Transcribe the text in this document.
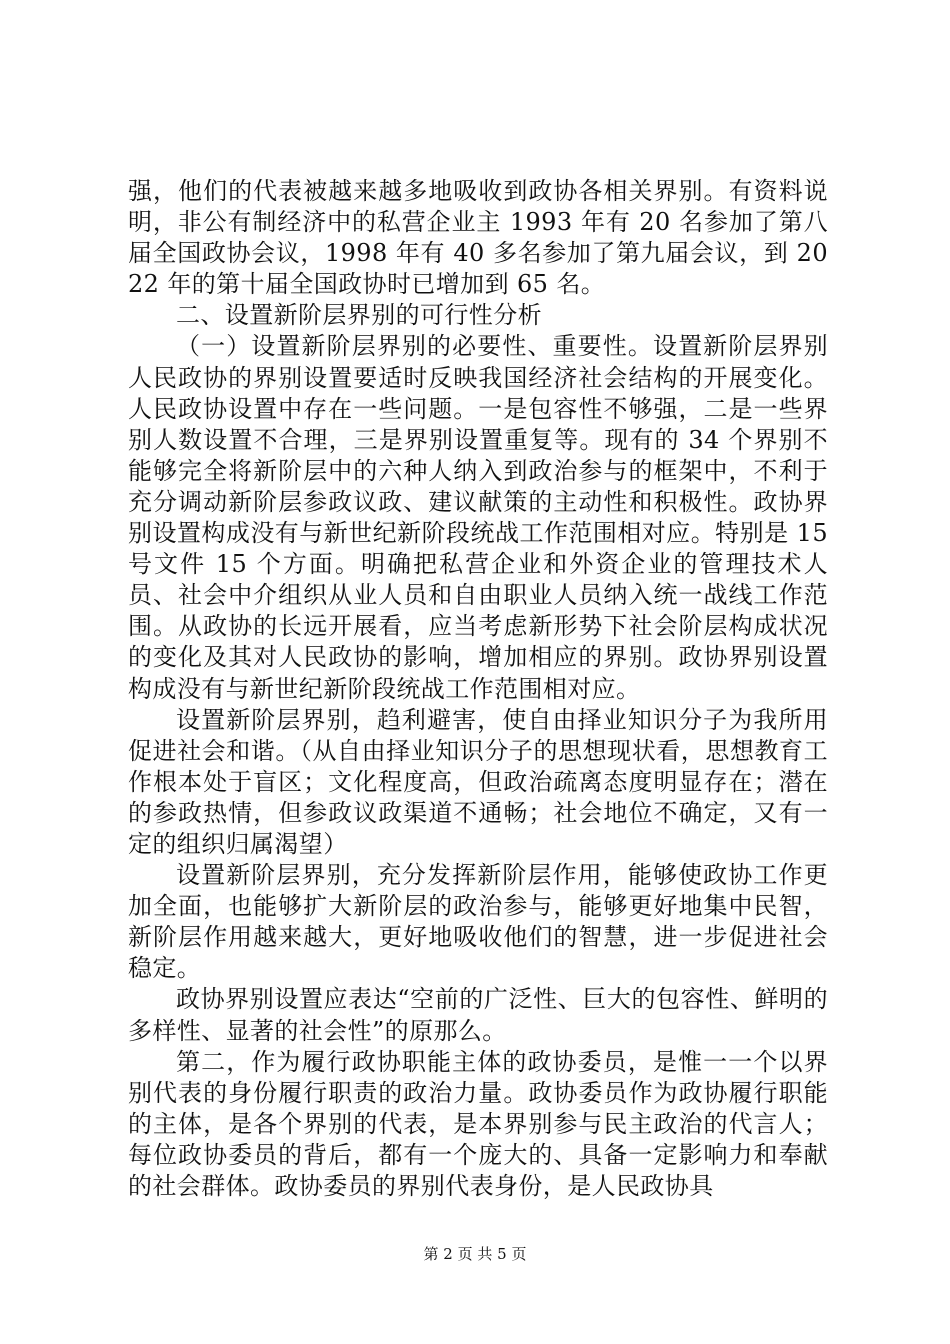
强，他们的代表被越来越多地吸收到政协各相关界别。有资料说明，非公有制经济中的私营企业主 1993 年有 20 名参加了第八届全国政协会议，1998 年有 40 多名参加了第九届会议，到 2022 年的第十届全国政协时已增加到 65 名。

二、设置新阶层界别的可行性分析

（一）设置新阶层界别的必要性、重要性。设置新阶层界别人民政协的界别设置要适时反映我国经济社会结构的开展变化。人民政协设置中存在一些问题。一是包容性不够强，二是一些界别人数设置不合理，三是界别设置重复等。现有的 34 个界别不能够完全将新阶层中的六种人纳入到政治参与的框架中，不利于充分调动新阶层参政议政、建议献策的主动性和积极性。政协界别设置构成没有与新世纪新阶段统战工作范围相对应。特别是 15 号文件 15 个方面。明确把私营企业和外资企业的管理技术人员、社会中介组织从业人员和自由职业人员纳入统一战线工作范围。从政协的长远开展看，应当考虑新形势下社会阶层构成状况的变化及其对人民政协的影响，增加相应的界别。政协界别设置构成没有与新世纪新阶段统战工作范围相对应。

设置新阶层界别，趋利避害，使自由择业知识分子为我所用促进社会和谐。（从自由择业知识分子的思想现状看，思想教育工作根本处于盲区；文化程度高，但政治疏离态度明显存在；潜在的参政热情，但参政议政渠道不通畅；社会地位不确定，又有一定的组织归属渴望）

设置新阶层界别，充分发挥新阶层作用，能够使政协工作更加全面，也能够扩大新阶层的政治参与，能够更好地集中民智，新阶层作用越来越大，更好地吸收他们的智慧，进一步促进社会稳定。

政协界别设置应表达“空前的广泛性、巨大的包容性、鲜明的多样性、显著的社会性”的原那么。

第二，作为履行政协职能主体的政协委员，是惟一一个以界别代表的身份履行职责的政治力量。政协委员作为政协履行职能的主体，是各个界别的代表，是本界别参与民主政治的代言人；每位政协委员的背后，都有一个庞大的、具备一定影响力和奉献的社会群体。政协委员的界别代表身份，是人民政协具

第 2 页 共 5 页
